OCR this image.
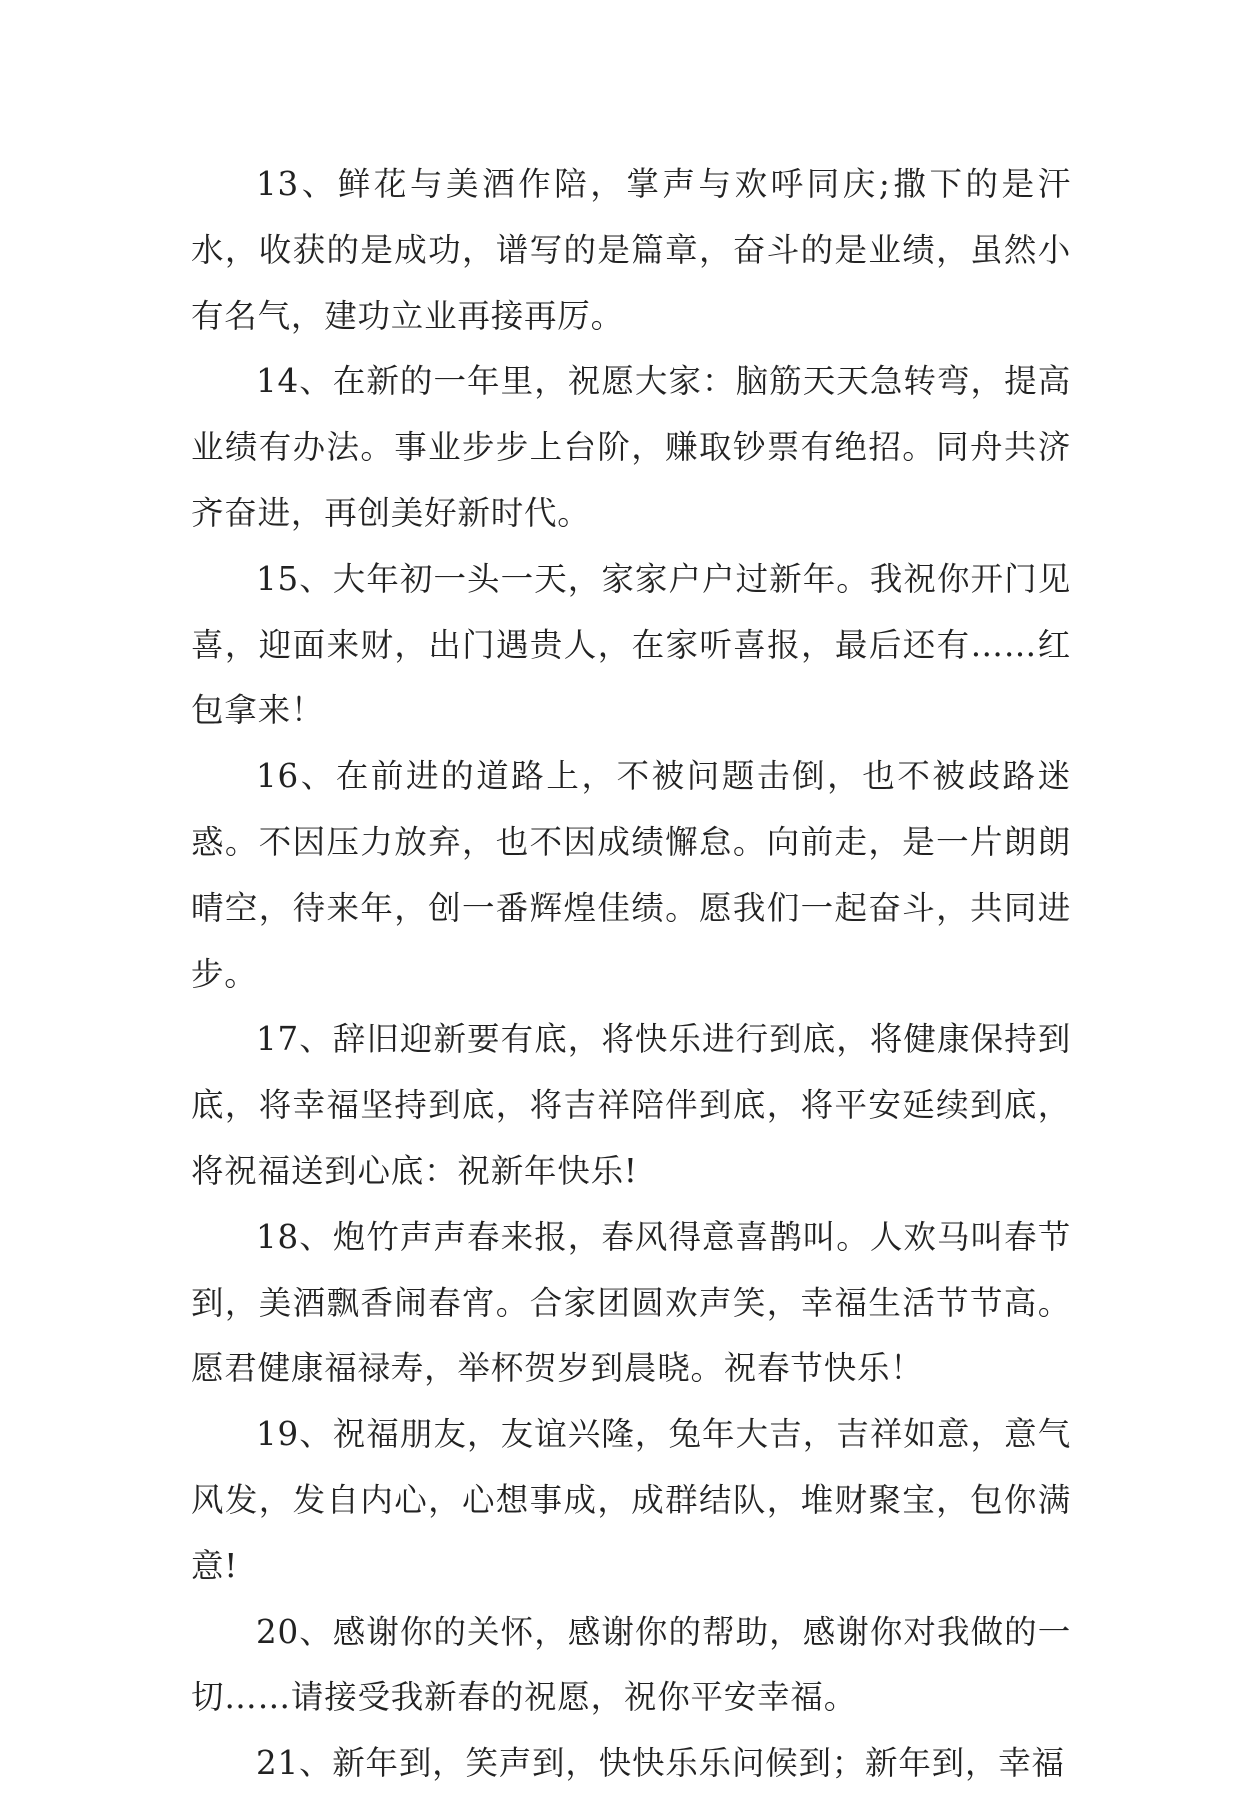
13、鲜花与美酒作陪，掌声与欢呼同庆;撒下的是汗水，收获的是成功，谱写的是篇章，奋斗的是业绩，虽然小有名气，建功立业再接再厉。

14、在新的一年里，祝愿大家：脑筋天天急转弯，提高业绩有办法。事业步步上台阶，赚取钞票有绝招。同舟共济齐奋进，再创美好新时代。

15、大年初一头一天，家家户户过新年。我祝你开门见喜，迎面来财，出门遇贵人，在家听喜报，最后还有……红包拿来！

16、在前进的道路上，不被问题击倒，也不被歧路迷惑。不因压力放弃，也不因成绩懈怠。向前走，是一片朗朗晴空，待来年，创一番辉煌佳绩。愿我们一起奋斗，共同进步。

17、辞旧迎新要有底，将快乐进行到底，将健康保持到底，将幸福坚持到底，将吉祥陪伴到底，将平安延续到底，将祝福送到心底：祝新年快乐!

18、炮竹声声春来报，春风得意喜鹊叫。人欢马叫春节到，美酒飘香闹春宵。合家团圆欢声笑，幸福生活节节高。愿君健康福禄寿，举杯贺岁到晨晓。祝春节快乐！

19、祝福朋友，友谊兴隆，兔年大吉，吉祥如意，意气风发，发自内心，心想事成，成群结队，堆财聚宝，包你满意!

20、感谢你的关怀，感谢你的帮助，感谢你对我做的一切……请接受我新春的祝愿，祝你平安幸福。

21、新年到，笑声到，快快乐乐问候到；新年到，幸福
